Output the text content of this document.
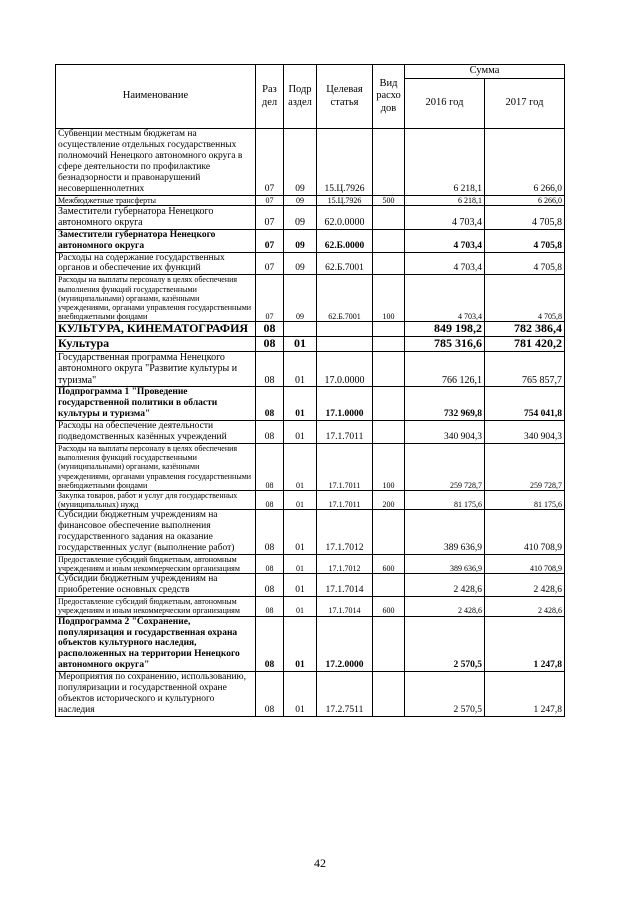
Наименование	Раз дел	Подр аздел	Целевая статья	Вид расхо дов	Сумма	
					2016 год	2017 год
Субвенции местным бюджетам на осуществление отдельных государственных полномочий Ненецкого автономного округа в сфере деятельности по профилактике безнадзорности и правонарушений несовершеннолетних	07	09	15.Ц.7926		6 218,1	6 266,0
Межбюджетные трансферты	07	09	15.Ц.7926	500	6 218,1	6 266,0
Заместители губернатора Ненецкого автономного округа	07	09	62.0.0000		4 703,4	4 705,8
Заместители губернатора Ненецкого автономного округа	07	09	62.Б.0000		4 703,4	4 705,8
Расходы на содержание государственных органов и обеспечение их функций	07	09	62.Б.7001		4 703,4	4 705,8
Расходы на выплаты персоналу в целях обеспечения выполнения функций государственными (муниципальными) органами, казёнными учреждениями, органами управления государственными внебюджетными фондами	07	09	62.Б.7001	100	4 703,4	4 705,8
КУЛЬТУРА, КИНЕМАТОГРАФИЯ	08				849 198,2	782 386,4
Культура	08	01			785 316,6	781 420,2
Государственная программа Ненецкого автономного округа "Развитие культуры и туризма"	08	01	17.0.0000		766 126,1	765 857,7
Подпрограмма 1 "Проведение государственной политики в области культуры и туризма"	08	01	17.1.0000		732 969,8	754 041,8
Расходы на обеспечение деятельности подведомственных казённых учреждений	08	01	17.1.7011		340 904,3	340 904,3
Расходы на выплаты персоналу в целях обеспечения выполнения функций государственными (муниципальными) органами, казёнными учреждениями, органами управления государственными внебюджетными фондами	08	01	17.1.7011	100	259 728,7	259 728,7
Закупка товаров, работ и услуг для государственных (муниципальных) нужд	08	01	17.1.7011	200	81 175,6	81 175,6
Субсидии бюджетным учреждениям на финансовое обеспечение выполнения государственного задания на оказание государственных услуг (выполнение работ)	08	01	17.1.7012		389 636,9	410 708,9
Предоставление субсидий бюджетным, автономным учреждениям и иным некоммерческим организациям	08	01	17.1.7012	600	389 636,9	410 708,9
Субсидии бюджетным учреждениям на приобретение основных средств	08	01	17.1.7014		2 428,6	2 428,6
Предоставление субсидий бюджетным, автономным учреждениям и иным некоммерческим организациям	08	01	17.1.7014	600	2 428,6	2 428,6
Подпрограмма 2 "Сохранение, популяризация и государственная охрана объектов культурного наследия, расположенных на территории Ненецкого автономного округа"	08	01	17.2.0000		2 570,5	1 247,8
Мероприятия по сохранению, использованию, популяризации и государственной охране объектов исторического и культурного наследия	08	01	17.2.7511		2 570,5	1 247,8
42
